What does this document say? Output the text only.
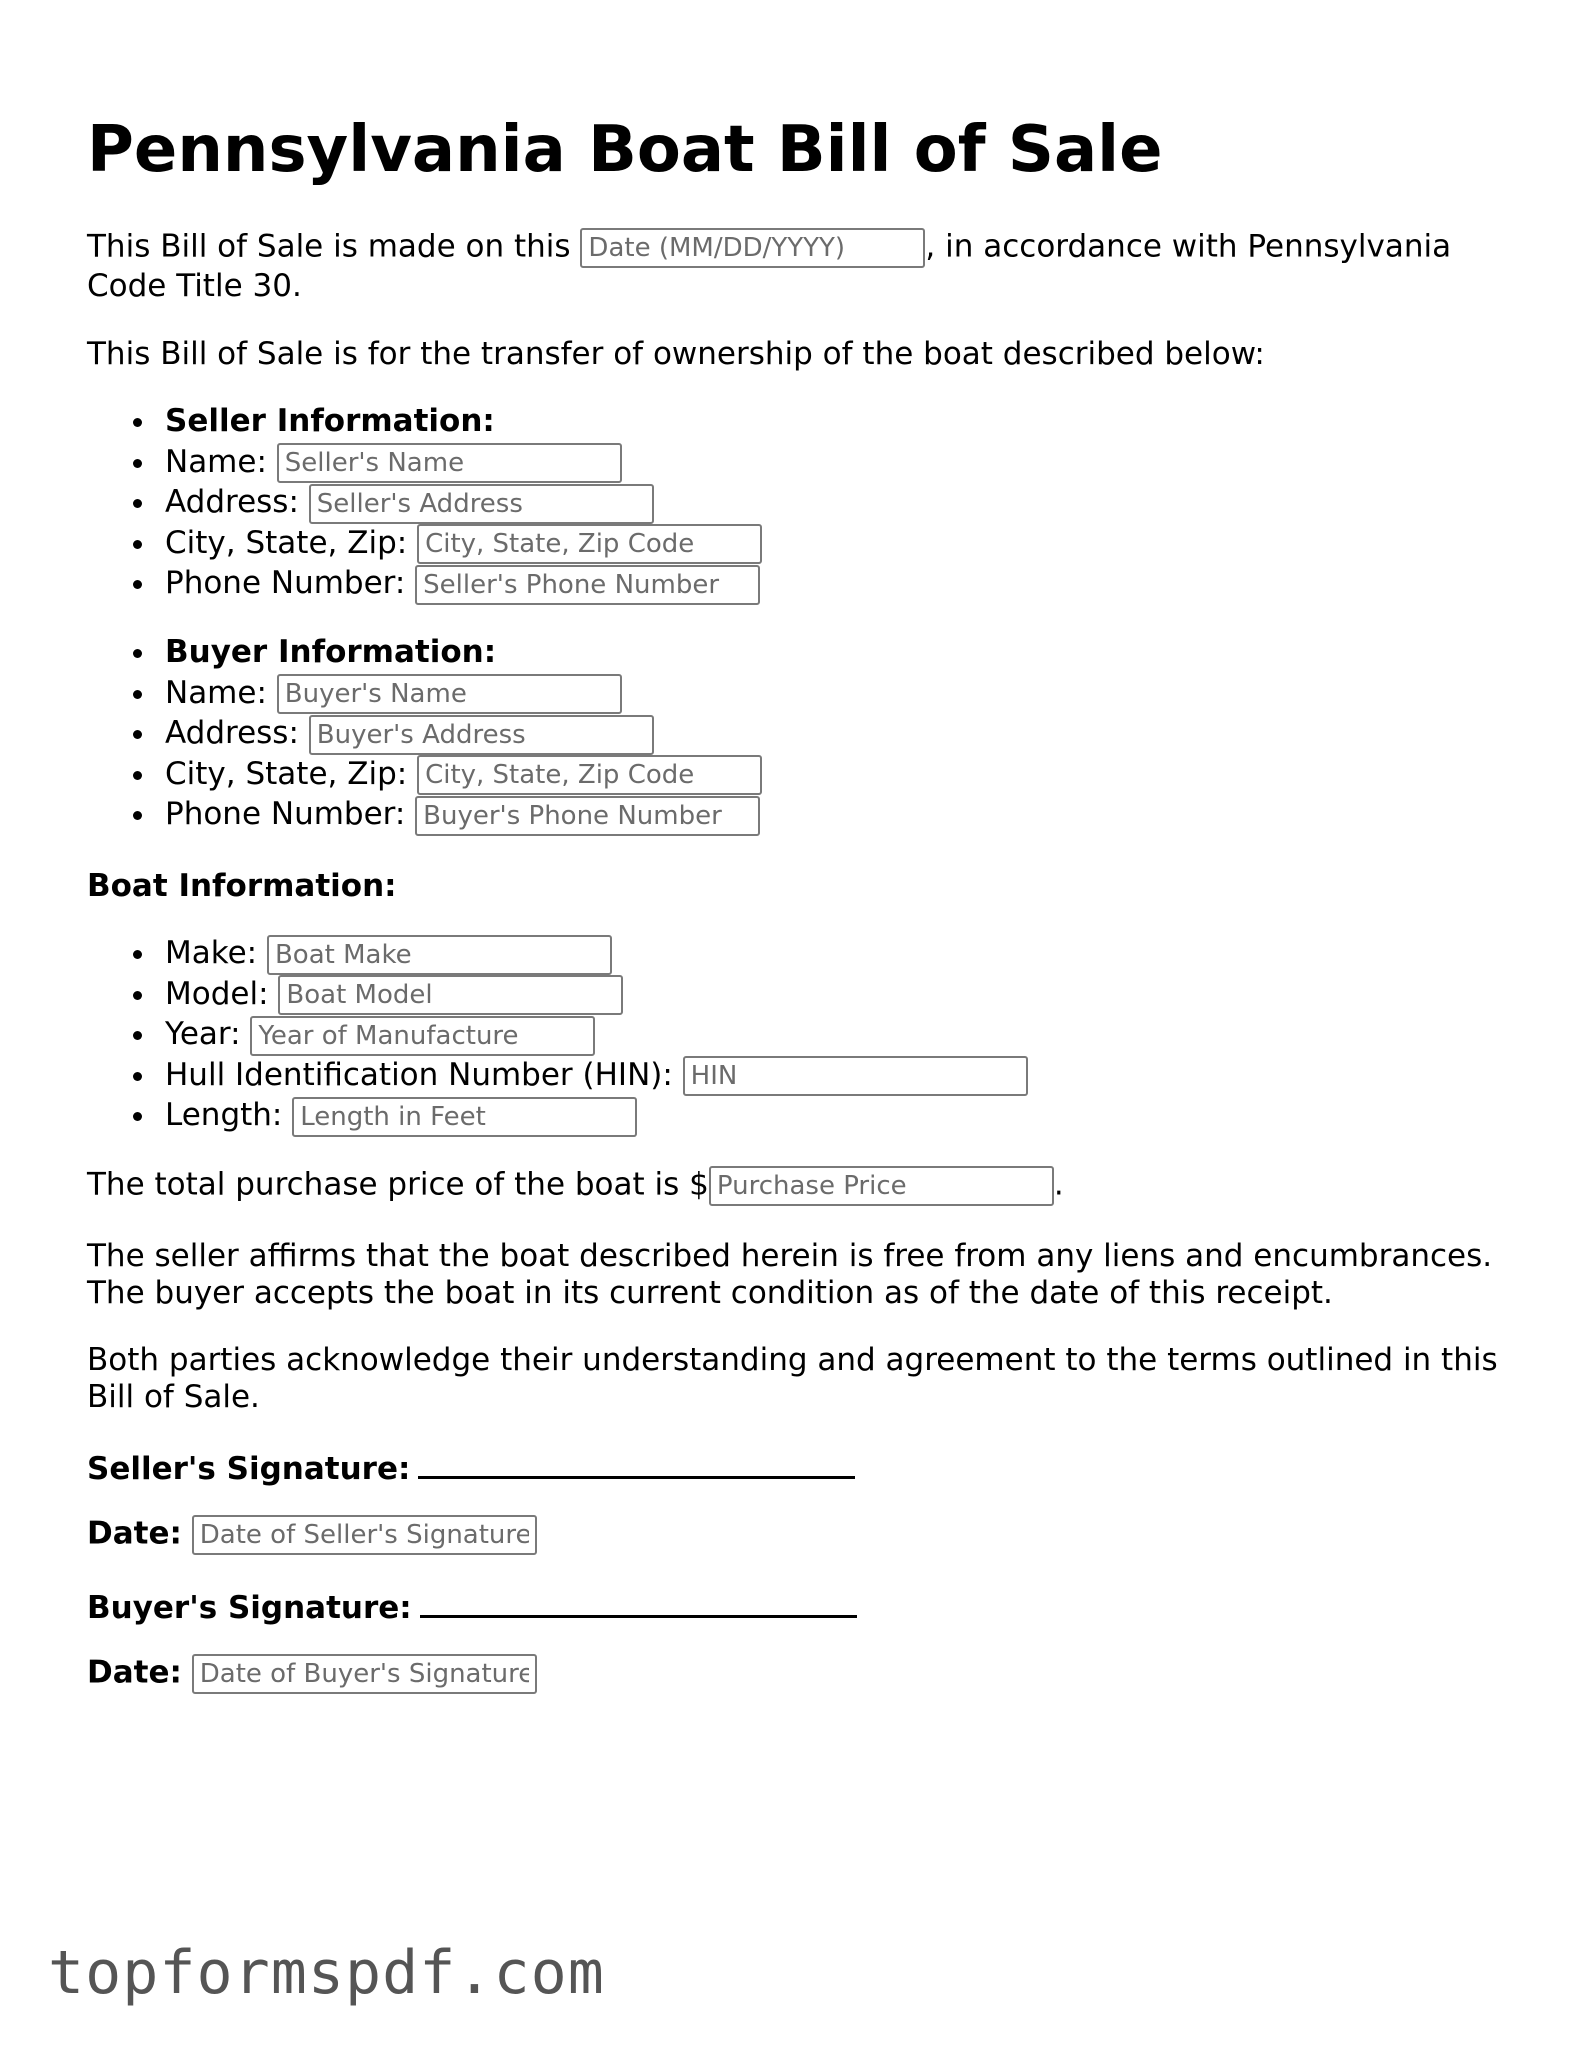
Pennsylvania Boat Bill of Sale

This Bill of Sale is made on this Date (MM/DD/YYYY)	, in accordance with Pennsylvania Code Title 30.

This Bill of Sale is for the transfer of ownership of the boat described below:

Seller Information:
Name: Seller's Name
Address: Seller's Address
City, State, Zip: City, State, Zip Code
Phone Number: Seller's Phone Number
Buyer Information:
Name: Buyer's Name
Address: Buyer's Address
City, State, Zip: City, State, Zip Code
Phone Number: Buyer's Phone Number

Boat Information:

Make: Boat Make
Model: Boat Model
Year: Year of Manufacture
Hull Identification Number (HIN): HIN
Length: Length in Feet

The total purchase price of the boat is $Purchase Price	.

The seller affirms that the boat described herein is free from any liens and encumbrances. The buyer accepts the boat in its current condition as of the date of this receipt.

Both parties acknowledge their understanding and agreement to the terms outlined in this Bill of Sale.

Seller's Signature:

Date: Date of Seller's Signature

Buyer's Signature:

Date: Date of Buyer's Signature

topformspdf.com
